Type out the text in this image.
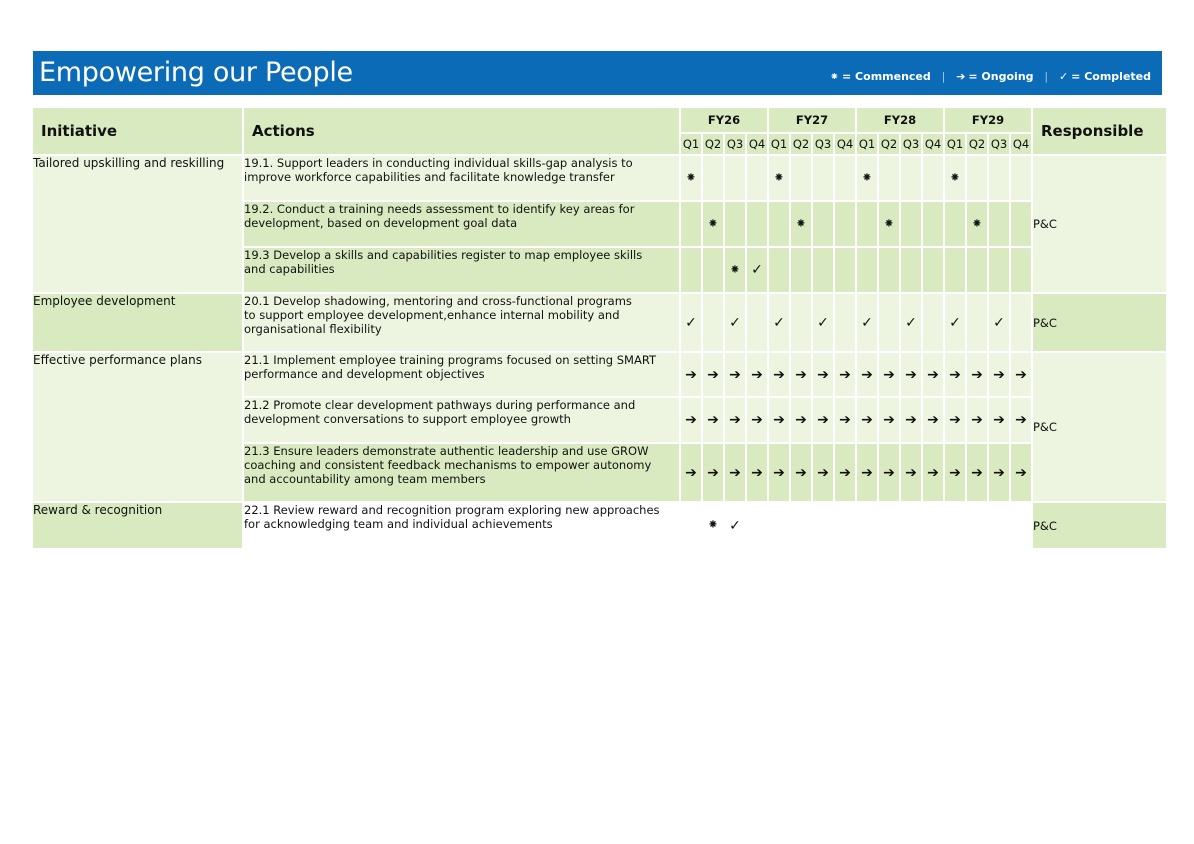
Empowering our People	⁕ = Commenced | ➔ = Ongoing | ✓ = Completed
Initiative	Actions	FY26				FY27				FY28				FY29				Responsible
		Q1	Q2	Q3	Q4	Q1	Q2	Q3	Q4	Q1	Q2	Q3	Q4	Q1	Q2	Q3	Q4	
Tailored upskilling and reskilling	19.1. Support leaders in conducting individual skills-gap analysis to
improve workforce capabilities and facilitate knowledge transfer	⁕				⁕				⁕				⁕				P&C
	19.2. Conduct a training needs assessment to identify key areas for
development, based on development goal data		⁕				⁕				⁕				⁕			
	19.3 Develop a skills and capabilities register to map employee skills
and capabilities			⁕	✓													
Employee development	20.1 Develop shadowing, mentoring and cross-functional programs
to support employee development,enhance internal mobility and
organisational flexibility	✓		✓		✓		✓		✓		✓		✓		✓		P&C
Effective performance plans	21.1 Implement employee training programs focused on setting SMART
performance and development objectives	➔	➔	➔	➔	➔	➔	➔	➔	➔	➔	➔	➔	➔	➔	➔	➔	P&C
	21.2 Promote clear development pathways during performance and
development conversations to support employee growth	➔	➔	➔	➔	➔	➔	➔	➔	➔	➔	➔	➔	➔	➔	➔	➔	
	21.3 Ensure leaders demonstrate authentic leadership and use GROW
coaching and consistent feedback mechanisms to empower autonomy
and accountability among team members	➔	➔	➔	➔	➔	➔	➔	➔	➔	➔	➔	➔	➔	➔	➔	➔	
Reward & recognition	22.1 Review reward and recognition program exploring new approaches
for acknowledging team and individual achievements		⁕	✓														P&C
